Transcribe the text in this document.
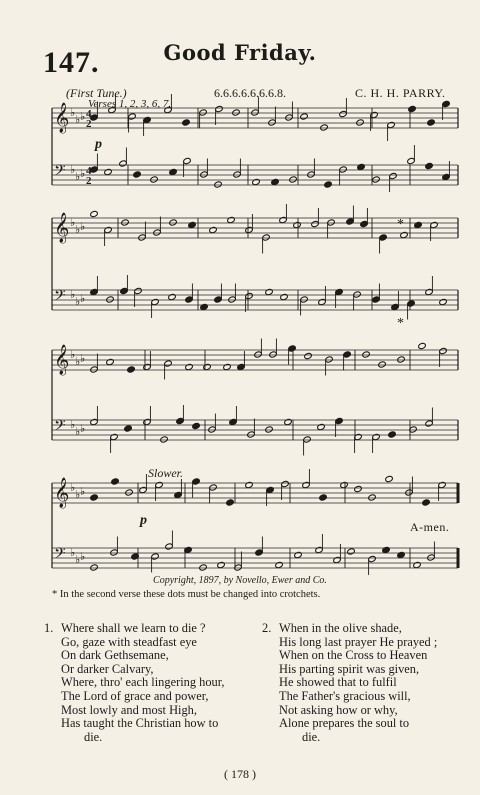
147.	Good Friday.
(First Tune.)	6.6.6.6.6.6.6.8.	C. H. H. PARRY.
Verses 1, 2, 3, 6, 7.
𝄞 ♭
♭ ♭
𝄢 ♭
♭ ♭
𝄞 ♭
♭ ♭
𝄢 ♭
♭ ♭
𝄞 ♭
♭ ♭
𝄢 ♭
♭ ♭
𝄞 ♭
♭ ♭
𝄢 ♭
♭ ♭
4
2
4
2
p
*
*
Slower.
p	A-men.
Copyright, 1897, by Novello, Ewer and Co.
* In the second verse these dots must be changed into crotchets.
1. Where shall we learn to die ?
Go, gaze with steadfast eye
On dark Gethsemane,
Or darker Calvary,
Where, thro' each lingering hour,
The Lord of grace and power,
Most lowly and most High,
Has taught the Christian how to
die.
2. When in the olive shade,
His long last prayer He prayed ;
When on the Cross to Heaven
His parting spirit was given,
He showed that to fulfil
The Father's gracious will,
Not asking how or why,
Alone prepares the soul to
die.
( 178 )
